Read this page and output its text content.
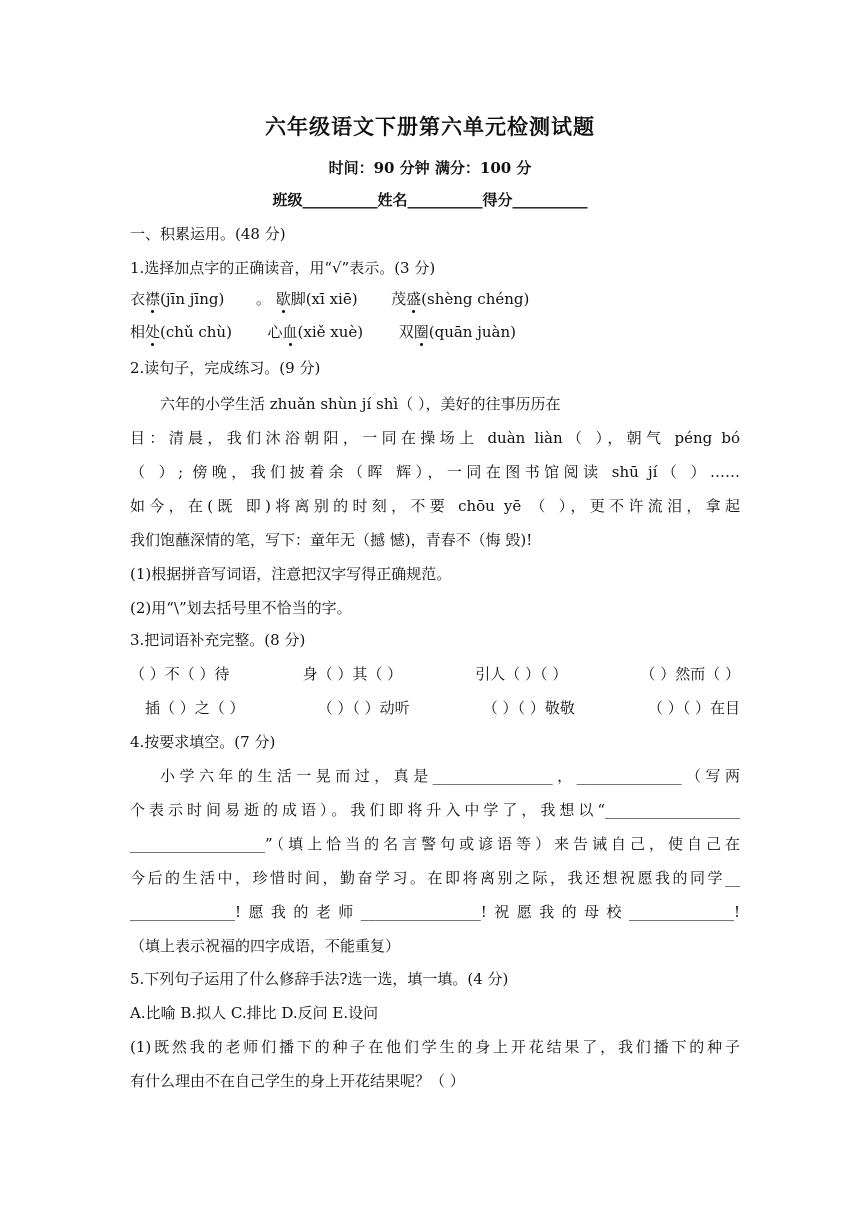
六年级语文下册第六单元检测试题
时间：90 分钟 满分：100 分
班级__________姓名__________得分__________
一、积累运用。(48 分)
1.选择加点字的正确读音，用“√”表示。(3 分)
衣襟(jīn jīng) 。 歇脚(xī xiē) 茂盛(shèng chéng)
相处(chǔ chù) 心血(xiě xuè) 双圈(quān juàn)
2.读句子，完成练习。(9 分)
六年的小学生活 zhuǎn shùn jí shì（ ），美好的往事历历在
目：清晨，我们沐浴朝阳，一同在操场上 duàn liàn（ ），朝气 péng bó
（ ）; 傍晚，我们披着余（晖 辉），一同在图书馆阅读 shū jí（ ）……
如今，在(既 即)将离别的时刻，不要 chōu yē （ ），更不许流泪，拿起
我们饱蘸深情的笔，写下：童年无（撼 憾)，青春不（悔 毁)!
(1)根据拼音写词语，注意把汉字写得正确规范。
(2)用“\”划去括号里不恰当的字。
3.把词语补充完整。(8 分)
（ ）不（ ）待	身（ ）其（ ）	引人（ ）（ ）	（ ）然而（ ）
插（ ）之（ ）	（ ）（ ）动听	（ ）（ ）敬敬	（ ）（ ）在目
4.按要求填空。(7 分)
小学六年的生活一晃而过，真是________________，______________（写两
个表示时间易逝的成语）。我们即将升入中学了，我想以“__________________
__________________”（填上恰当的名言警句或谚语等）来告诫自己，使自己在
今后的生活中，珍惜时间，勤奋学习。在即将离别之际，我还想祝愿我的同学__
______________!愿我的老师________________!祝愿我的母校______________!
（填上表示祝福的四字成语，不能重复）
5.下列句子运用了什么修辞手法?选一选，填一填。(4 分)
A.比喻 B.拟人 C.排比 D.反问 E.设问
(1)既然我的老师们播下的种子在他们学生的身上开花结果了，我们播下的种子
有什么理由不在自己学生的身上开花结果呢？（ ）
